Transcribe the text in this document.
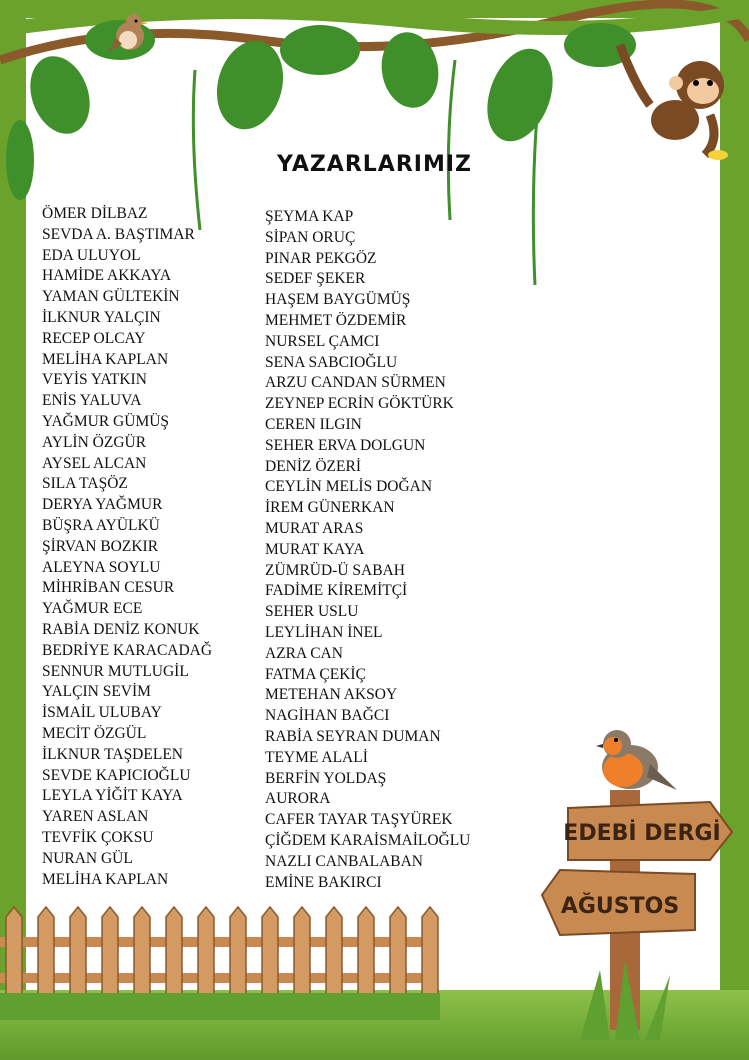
YAZARLARIMIZ
ÖMER DİLBAZ
SEVDA A. BAŞTIMAR
EDA ULUYOL
HAMİDE AKKAYA
YAMAN GÜLTEKİN
İLKNUR YALÇIN
RECEP OLCAY
MELİHA KAPLAN
VEYİS YATKIN
ENİS YALUVA
YAĞMUR GÜMÜŞ
AYLİN ÖZGÜR
AYSEL ALCAN
SILA TAŞÖZ
DERYA YAĞMUR
BÜŞRA AYÜLKÜ
ŞİRVAN BOZKIR
ALEYNA SOYLU
MİHRİBAN CESUR
YAĞMUR ECE
RABİA DENİZ KONUK
BEDRİYE KARACADAĞ
SENNUR MUTLUGİL
YALÇIN SEVİM
İSMAİL ULUBAY
MECİT ÖZGÜL
İLKNUR TAŞDELEN
SEVDE KAPICIOĞLU
LEYLA YİĞİT KAYA
YAREN ASLAN
TEVFİK ÇOKSU
NURAN GÜL
MELİHA KAPLAN
ŞEYMA KAP
SİPAN ORUÇ
PINAR PEKGÖZ
SEDEF ŞEKER
HAŞEM BAYGÜMÜŞ
MEHMET ÖZDEMİR
NURSEL ÇAMCI
SENA SABCIOĞLU
ARZU CANDAN SÜRMEN
ZEYNEP ECRİN GÖKTÜRK
CEREN ILGIN
SEHER ERVA DOLGUN
DENİZ ÖZERİ
CEYLİN MELİS DOĞAN
İREM GÜNERKAN
MURAT ARAS
MURAT KAYA
ZÜMRÜD-Ü SABAH
FADİME KİREMİTÇİ
SEHER USLU
LEYLİHAN İNEL
AZRA CAN
FATMA ÇEKİÇ
METEHAN AKSOY
NAGİHAN BAĞCI
RABİA SEYRAN DUMAN
TEYME ALALİ
BERFİN YOLDAŞ
AURORA
CAFER TAYAR TAŞYÜREK
ÇİĞDEM KARAİSMAİLOĞLU
NAZLI CANBALABAN
EMİNE BAKIRCI
EDEBİ DERGİ
AĞUSTOS
